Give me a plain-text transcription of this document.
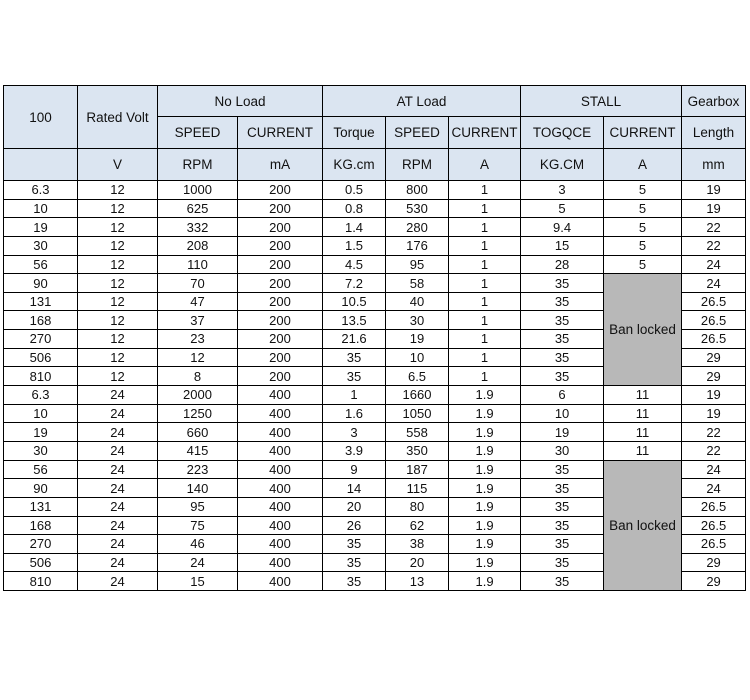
100	Rated Volt	No Load		AT Load			STALL		Gearbox
		SPEED	CURRENT	Torque	SPEED	CURRENT	TOGQCE	CURRENT	Length
	V	RPM	mA	KG.cm	RPM	A	KG.CM	A	mm
6.3	12	1000	200	0.5	800	1	3	5	19
10	12	625	200	0.8	530	1	5	5	19
19	12	332	200	1.4	280	1	9.4	5	22
30	12	208	200	1.5	176	1	15	5	22
56	12	110	200	4.5	95	1	28	5	24
90	12	70	200	7.2	58	1	35	Ban locked	24
131	12	47	200	10.5	40	1	35		26.5
168	12	37	200	13.5	30	1	35		26.5
270	12	23	200	21.6	19	1	35		26.5
506	12	12	200	35	10	1	35		29
810	12	8	200	35	6.5	1	35		29
6.3	24	2000	400	1	1660	1.9	6	11	19
10	24	1250	400	1.6	1050	1.9	10	11	19
19	24	660	400	3	558	1.9	19	11	22
30	24	415	400	3.9	350	1.9	30	11	22
56	24	223	400	9	187	1.9	35	Ban locked	24
90	24	140	400	14	115	1.9	35		24
131	24	95	400	20	80	1.9	35		26.5
168	24	75	400	26	62	1.9	35		26.5
270	24	46	400	35	38	1.9	35		26.5
506	24	24	400	35	20	1.9	35		29
810	24	15	400	35	13	1.9	35		29
